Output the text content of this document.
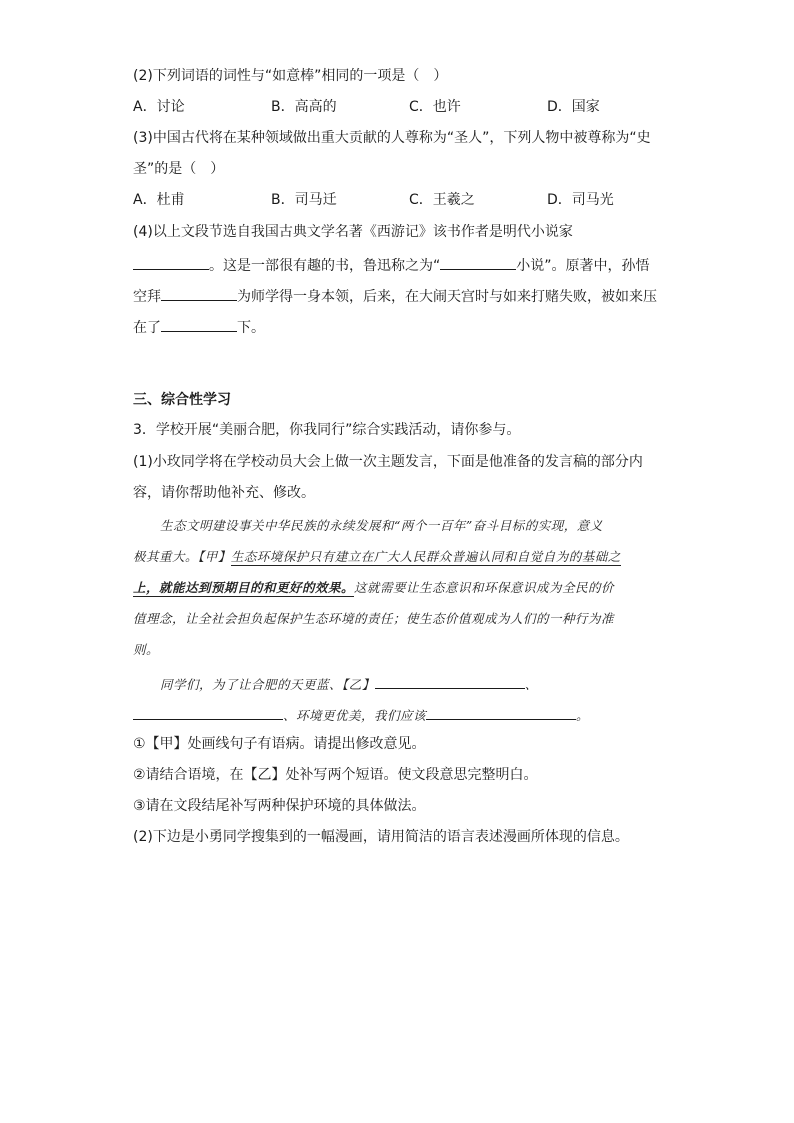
(2)下列词语的词性与“如意棒”相同的一项是（　）
A．讨论	B．高高的	C．也许	D．国家
(3)中国古代将在某种领域做出重大贡献的人尊称为“圣人”，下列人物中被尊称为“史
圣”的是（　）
A．杜甫	B．司马迁	C．王羲之	D．司马光
(4)以上文段节选自我国古典文学名著《西游记》该书作者是明代小说家
。这是一部很有趣的书，鲁迅称之为“	小说”。原著中，孙悟
空拜	为师学得一身本领，后来，在大闹天宫时与如来打赌失败，被如来压
在了	下。
三、综合性学习
3．学校开展“美丽合肥，你我同行”综合实践活动，请你参与。
(1)小玫同学将在学校动员大会上做一次主题发言，下面是他准备的发言稿的部分内
容，请你帮助他补充、修改。
生态文明建设事关中华民族的永续发展和“两个一百年”奋斗目标的实现，意义
极其重大。【甲】生态环境保护只有建立在广大人民群众普遍认同和自觉自为的基础之
上，就能达到预期目的和更好的效果。这就需要让生态意识和环保意识成为全民的价
值理念，让全社会担负起保护生态环境的责任；使生态价值观成为人们的一种行为准
则。
同学们，为了让合肥的天更蓝、【乙】	、
、环境更优美，我们应该	。
①【甲】处画线句子有语病。请提出修改意见。
②请结合语境，在【乙】处补写两个短语。使文段意思完整明白。
③请在文段结尾补写两种保护环境的具体做法。
(2)下边是小勇同学搜集到的一幅漫画，请用简洁的语言表述漫画所体现的信息。
